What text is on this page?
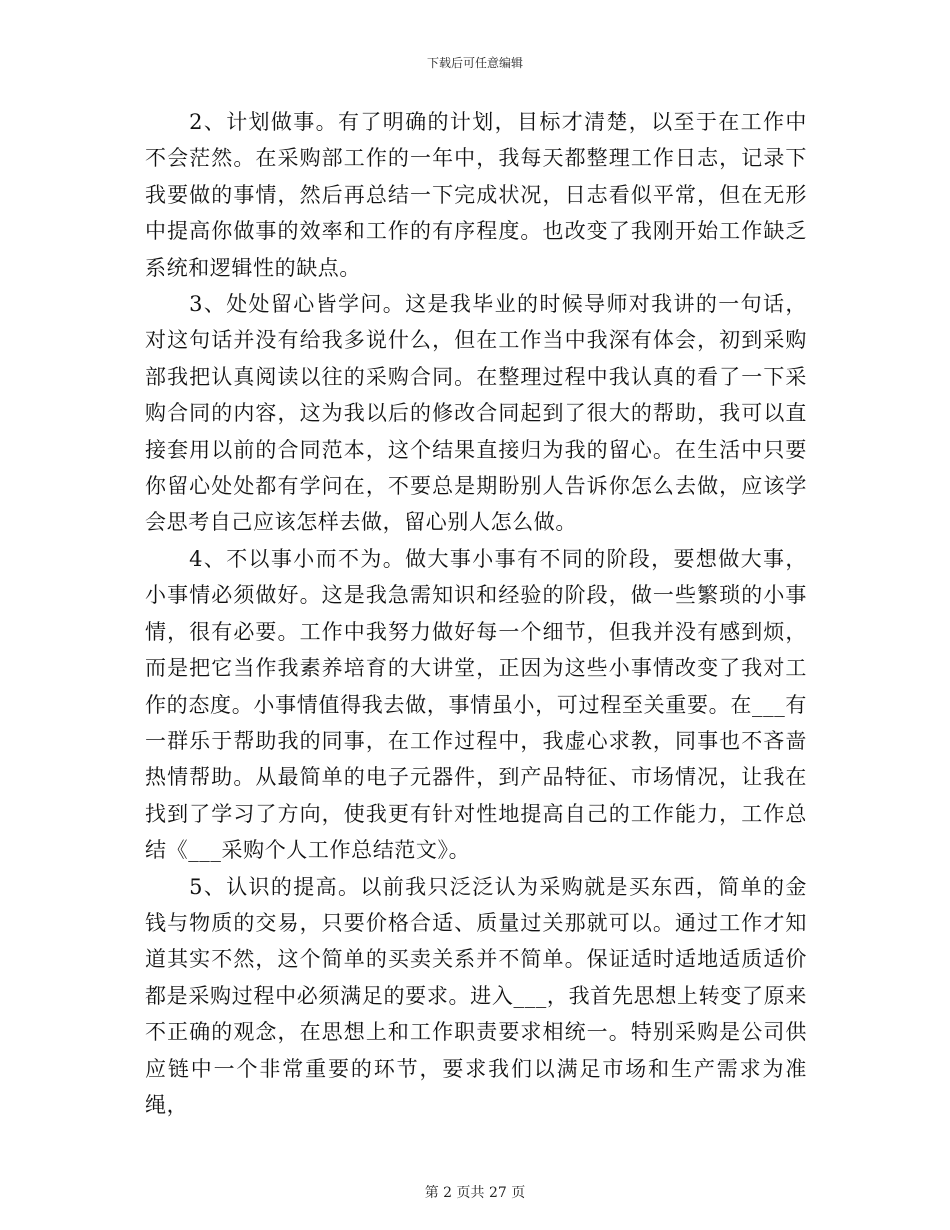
下载后可任意编辑

2、计划做事。有了明确的计划，目标才清楚，以至于在工作中不会茫然。在采购部工作的一年中，我每天都整理工作日志，记录下我要做的事情，然后再总结一下完成状况，日志看似平常，但在无形中提高你做事的效率和工作的有序程度。也改变了我刚开始工作缺乏系统和逻辑性的缺点。

3、处处留心皆学问。这是我毕业的时候导师对我讲的一句话，对这句话并没有给我多说什么，但在工作当中我深有体会，初到采购部我把认真阅读以往的采购合同。在整理过程中我认真的看了一下采购合同的内容，这为我以后的修改合同起到了很大的帮助，我可以直接套用以前的合同范本，这个结果直接归为我的留心。在生活中只要你留心处处都有学问在，不要总是期盼别人告诉你怎么去做，应该学会思考自己应该怎样去做，留心别人怎么做。

4、不以事小而不为。做大事小事有不同的阶段，要想做大事，小事情必须做好。这是我急需知识和经验的阶段，做一些繁琐的小事情，很有必要。工作中我努力做好每一个细节，但我并没有感到烦，而是把它当作我素养培育的大讲堂，正因为这些小事情改变了我对工作的态度。小事情值得我去做，事情虽小，可过程至关重要。在___有一群乐于帮助我的同事，在工作过程中，我虚心求教，同事也不吝啬热情帮助。从最简单的电子元器件，到产品特征、市场情况，让我在找到了学习了方向，使我更有针对性地提高自己的工作能力，工作总结《___采购个人工作总结范文》。

5、认识的提高。以前我只泛泛认为采购就是买东西，简单的金钱与物质的交易，只要价格合适、质量过关那就可以。通过工作才知道其实不然，这个简单的买卖关系并不简单。保证适时适地适质适价都是采购过程中必须满足的要求。进入___，我首先思想上转变了原来不正确的观念，在思想上和工作职责要求相统一。特别采购是公司供应链中一个非常重要的环节，要求我们以满足市场和生产需求为准绳，

第 2 页共 27 页
